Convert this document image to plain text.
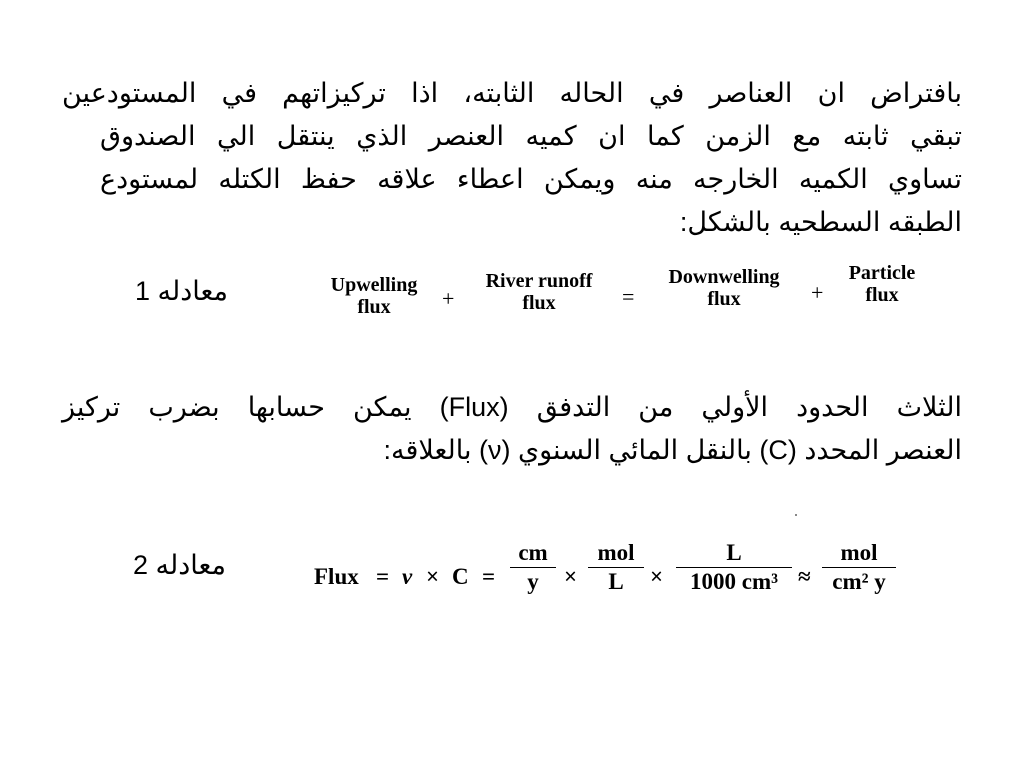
بافتراض ان العناصر في الحاله الثابته، اذا تركيزاتهم في المستودعين
تبقي ثابته مع الزمن كما ان كميه العنصر الذي ينتقل الي الصندوق
تساوي الكميه الخارجه منه ويمكن اعطاء علاقه حفظ الكتله لمستودع
الطبقه السطحيه بالشكل:
معادله 1	Upwelling
flux	+
River runoff
flux	=
Downwelling
flux	+
Particle
flux
الثلاث الحدود الأولي من التدفق (Flux) يمكن حسابها بضرب تركيز
العنصر المحدد (C) بالنقل المائي السنوي (ν) بالعلاقه:
معادله 2	Flux = v × C =
cm
y	×
mol
L	×
L
1000 cm³ ≈
mol
cm² y
